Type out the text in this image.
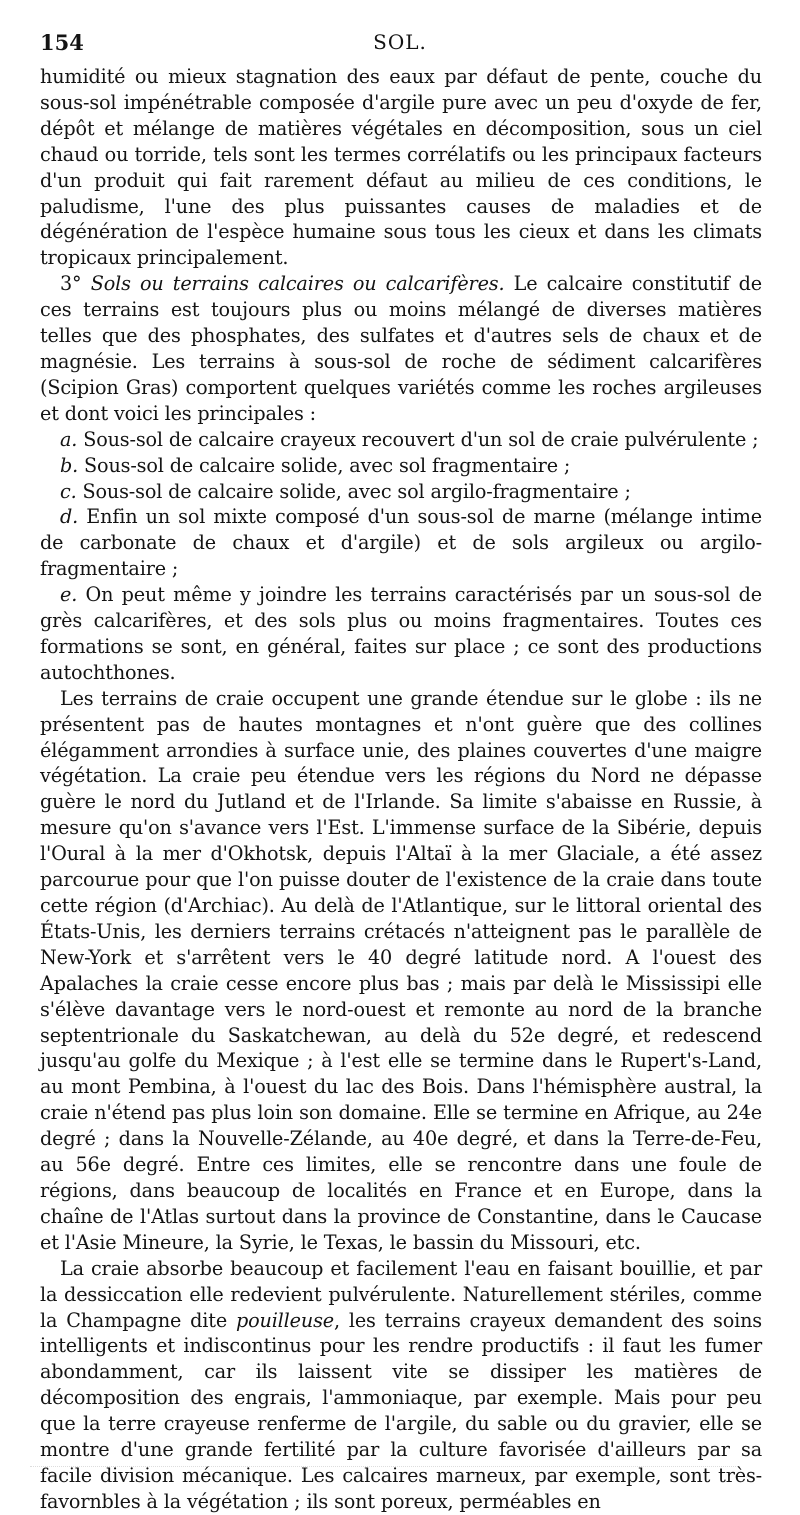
154	SOL.

humidité ou mieux stagnation des eaux par défaut de pente, couche du sous-sol impénétrable composée d'argile pure avec un peu d'oxyde de fer, dépôt et mélange de matières végétales en décomposition, sous un ciel chaud ou torride, tels sont les termes corrélatifs ou les principaux facteurs d'un produit qui fait rarement défaut au milieu de ces conditions, le paludisme, l'une des plus puissantes causes de maladies et de dégénération de l'espèce humaine sous tous les cieux et dans les climats tropicaux principalement.

3° Sols ou terrains calcaires ou calcarifères. Le calcaire constitutif de ces terrains est toujours plus ou moins mélangé de diverses matières telles que des phosphates, des sulfates et d'autres sels de chaux et de magnésie. Les terrains à sous-sol de roche de sédiment calcarifères (Scipion Gras) comportent quelques variétés comme les roches argileuses et dont voici les principales :

a. Sous-sol de calcaire crayeux recouvert d'un sol de craie pulvérulente ;

b. Sous-sol de calcaire solide, avec sol fragmentaire ;

c. Sous-sol de calcaire solide, avec sol argilo-fragmentaire ;

d. Enfin un sol mixte composé d'un sous-sol de marne (mélange intime de carbonate de chaux et d'argile) et de sols argileux ou argilo-fragmentaire ;

e. On peut même y joindre les terrains caractérisés par un sous-sol de grès calcarifères, et des sols plus ou moins fragmentaires. Toutes ces formations se sont, en général, faites sur place ; ce sont des productions autochthones.

Les terrains de craie occupent une grande étendue sur le globe : ils ne présentent pas de hautes montagnes et n'ont guère que des collines élégamment arrondies à surface unie, des plaines couvertes d'une maigre végétation. La craie peu étendue vers les régions du Nord ne dépasse guère le nord du Jutland et de l'Irlande. Sa limite s'abaisse en Russie, à mesure qu'on s'avance vers l'Est. L'immense surface de la Sibérie, depuis l'Oural à la mer d'Okhotsk, depuis l'Altaï à la mer Glaciale, a été assez parcourue pour que l'on puisse douter de l'existence de la craie dans toute cette région (d'Archiac). Au delà de l'Atlantique, sur le littoral oriental des États-Unis, les derniers terrains crétacés n'atteignent pas le parallèle de New-York et s'arrêtent vers le 40 degré latitude nord. A l'ouest des Apalaches la craie cesse encore plus bas ; mais par delà le Mississipi elle s'élève davantage vers le nord-ouest et remonte au nord de la branche septentrionale du Saskatchewan, au delà du 52e degré, et redescend jusqu'au golfe du Mexique ; à l'est elle se termine dans le Rupert's-Land, au mont Pembina, à l'ouest du lac des Bois. Dans l'hémisphère austral, la craie n'étend pas plus loin son domaine. Elle se termine en Afrique, au 24e degré ; dans la Nouvelle-Zélande, au 40e degré, et dans la Terre-de-Feu, au 56e degré. Entre ces limites, elle se rencontre dans une foule de régions, dans beaucoup de localités en France et en Europe, dans la chaîne de l'Atlas surtout dans la province de Constantine, dans le Caucase et l'Asie Mineure, la Syrie, le Texas, le bassin du Missouri, etc.

La craie absorbe beaucoup et facilement l'eau en faisant bouillie, et par la dessiccation elle redevient pulvérulente. Naturellement stériles, comme la Champagne dite pouilleuse, les terrains crayeux demandent des soins intelligents et indiscontinus pour les rendre productifs : il faut les fumer abondamment, car ils laissent vite se dissiper les matières de décomposition des engrais, l'ammoniaque, par exemple. Mais pour peu que la terre crayeuse renferme de l'argile, du sable ou du gravier, elle se montre d'une grande fertilité par la culture favorisée d'ailleurs par sa facile division mécanique. Les calcaires marneux, par exemple, sont très-favornbles à la végétation ; ils sont poreux, perméables en
